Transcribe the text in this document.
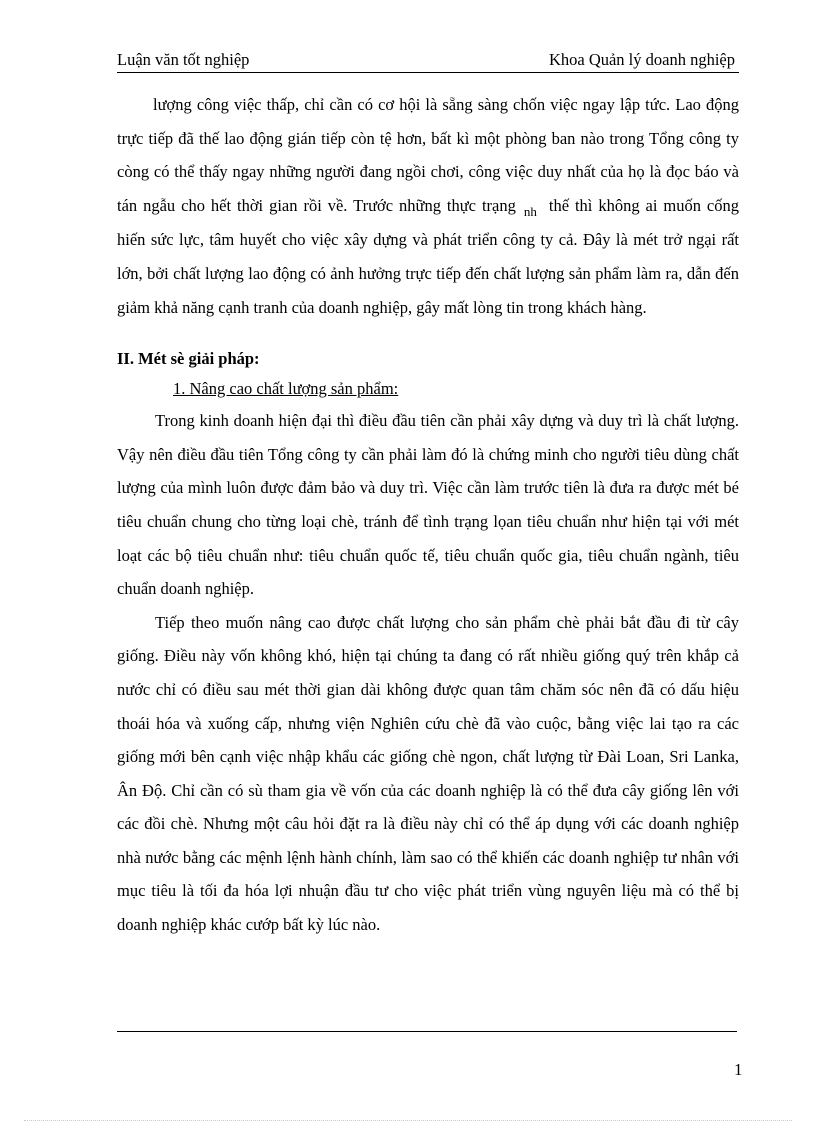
Luận văn tốt nghiệp	Khoa Quản lý doanh nghiệp

lượng công việc thấp, chỉ cần có cơ hội là sẵng sàng chốn việc ngay lập tức. Lao động trực tiếp đã thế lao động gián tiếp còn tệ hơn, bất kì một phòng ban nào trong Tổng công ty còng có thể thấy ngay những người đang ngồi chơi, công việc duy nhất của họ là đọc báo và tán ngẫu cho hết thời gian rồi về. Trước những thực trạng nh thế thì không ai muốn cống hiến sức lực, tâm huyết cho việc xây dựng và phát triển công ty cả. Đây là mét trở ngại rất lớn, bởi chất lượng lao động có ảnh hưởng trực tiếp đến chất lượng sản phẩm làm ra, dẫn đến giảm khả năng cạnh tranh của doanh nghiệp, gây mất lòng tin trong khách hàng.

II. Mét sè giải pháp:

1. Nâng cao chất lượng sản phẩm:

Trong kinh doanh hiện đại thì điều đầu tiên cần phải xây dựng và duy trì là chất lượng. Vậy nên điều đầu tiên Tổng công ty cần phải làm đó là chứng minh cho người tiêu dùng chất lượng của mình luôn được đảm bảo và duy trì. Việc cần làm trước tiên là đưa ra được mét bé tiêu chuẩn chung cho từng loại chè, tránh để tình trạng lọan tiêu chuẩn như hiện tại với mét loạt các bộ tiêu chuẩn như: tiêu chuẩn quốc tế, tiêu chuẩn quốc gia, tiêu chuẩn ngành, tiêu chuẩn doanh nghiệp.

Tiếp theo muốn nâng cao được chất lượng cho sản phẩm chè phải bắt đầu đi từ cây giống. Điều này vốn không khó, hiện tại chúng ta đang có rất nhiều giống quý trên khắp cả nước chỉ có điều sau mét thời gian dài không được quan tâm chăm sóc nên đã có dấu hiệu thoái hóa và xuống cấp, nhưng viện Nghiên cứu chè đã vào cuộc, bằng việc lai tạo ra các giống mới bên cạnh việc nhập khẩu các giống chè ngon, chất lượng từ Đài Loan, Sri Lanka, Ân Độ. Chỉ cần có sù tham gia về vốn của các doanh nghiệp là có thể đưa cây giống lên với các đồi chè. Nhưng một câu hỏi đặt ra là điều này chỉ có thể áp dụng với các doanh nghiệp nhà nước bằng các mệnh lệnh hành chính, làm sao có thể khiến các doanh nghiệp tư nhân với mục tiêu là tối đa hóa lợi nhuận đầu tư cho việc phát triển vùng nguyên liệu mà có thể bị doanh nghiệp khác cướp bất kỳ lúc nào.

1
